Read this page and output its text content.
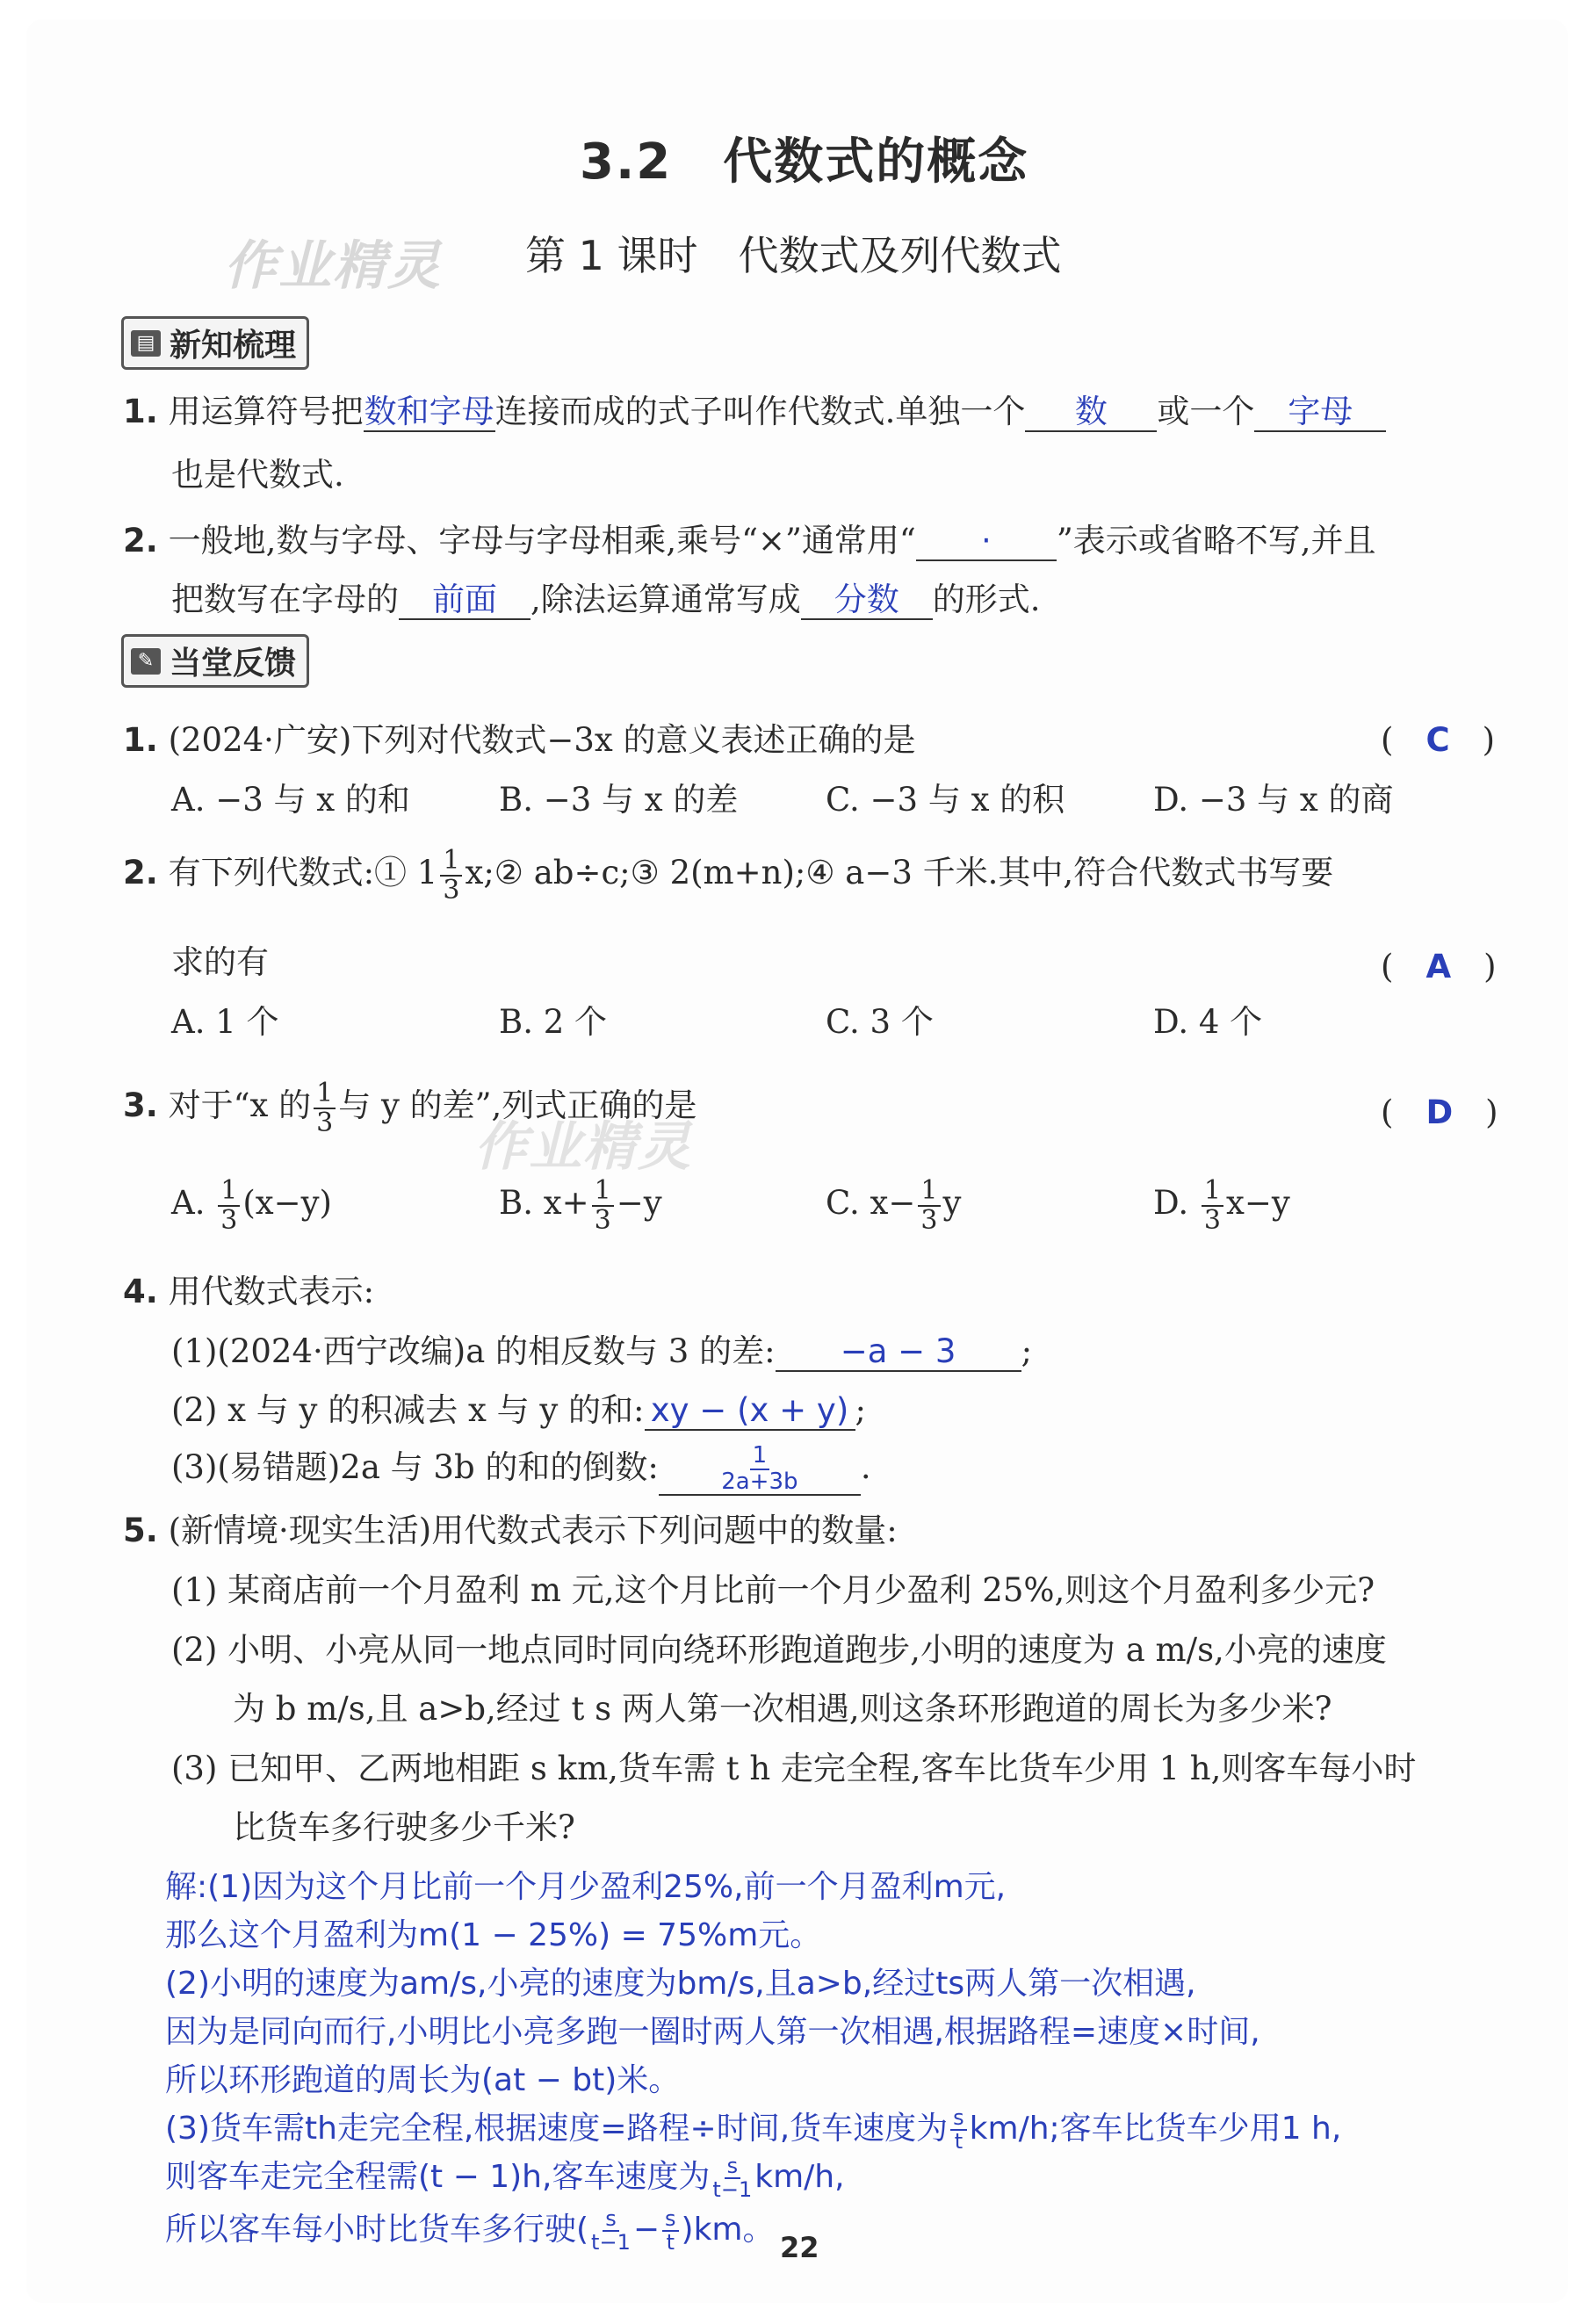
3.2　代数式的概念
作业精灵 第 1 课时　代数式及列代数式
▤ 新知梳理
1. 用运算符号把数和字母连接而成的式子叫作代数式.单独一个 数 或一个 字母
也是代数式.
2. 一般地,数与字母、字母与字母相乘,乘号“×”通常用“ · ”表示或省略不写,并且
把数写在字母的 前面 ,除法运算通常写成 分数 的形式.
✎ 当堂反馈
1. (2024·广安)下列对代数式−3x 的意义表述正确的是	(　C　)
A. −3 与 x 的和	B. −3 与 x 的差	C. −3 与 x 的积	D. −3 与 x 的商
2. 有下列代数式:① $1 \frac{1}{3}$ x;② ab÷c;③ 2(m+n);④ a−3 千米.其中,符合代数式书写要
求的有	(　A　)
A. 1 个	B. 2 个	C. 3 个	D. 4 个
3. 对于“x 的 $\frac{1}{3}$ 与 y 的差”,列式正确的是
作业精灵
(　D　)
A. $\frac{1}{3} (x-y)$	B. $x+ \frac{1}{3} -y$	C. $x- \frac{1}{3}$ y	D. $\frac{1}{3} x-y$
4. 用代数式表示:
(1)(2024·西宁改编)a 的相反数与 3 的差: −a − 3 ;
(2) x 与 y 的积减去 x 与 y 的和: xy − (x + y) ;
(3)(易错题)2a 与 3b 的和的倒数:	$\frac{1}{2a+3b}$ .
5. (新情境·现实生活)用代数式表示下列问题中的数量:
(1) 某商店前一个月盈利 m 元,这个月比前一个月少盈利 25%,则这个月盈利多少元?
(2) 小明、小亮从同一地点同时同向绕环形跑道跑步,小明的速度为 a m/s,小亮的速度
为 b m/s,且 a>b,经过 t s 两人第一次相遇,则这条环形跑道的周长为多少米?
(3) 已知甲、乙两地相距 s km,货车需 t h 走完全程,客车比货车少用 1 h,则客车每小时
比货车多行驶多少千米?
解:(1)因为这个月比前一个月少盈利25%,前一个月盈利m元,
那么这个月盈利为m(1 − 25%) = 75%m元。
(2)小明的速度为am/s,小亮的速度为bm/s,且a>b,经过ts两人第一次相遇,
因为是同向而行,小明比小亮多跑一圈时两人第一次相遇,根据路程=速度×时间,
所以环形跑道的周长为(at − bt)米。
(3)货车需th走完全程,根据速度=路程÷时间,货车速度为 $\frac{s}{t} km/h$;客车比货车少用1 h,
则客车走完全程需(t − 1)h,客车速度为 $\frac{s}{t-1} km/h$,
所以客车每小时比货车多行驶( $\frac{s}{t-1} - \frac{s}{t} )km$。 22
